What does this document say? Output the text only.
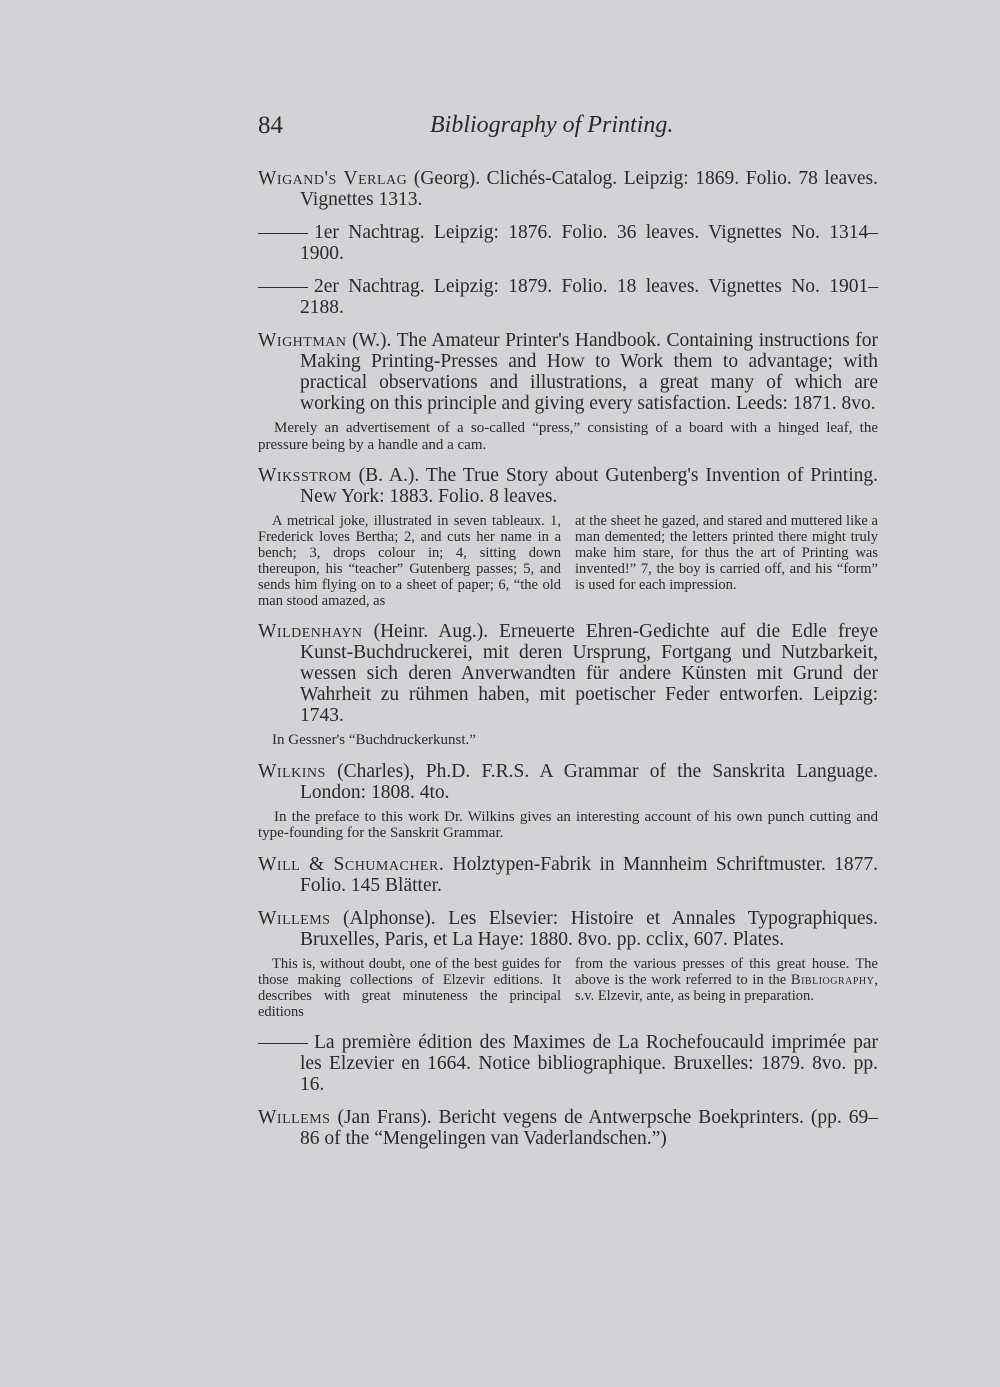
84	Bibliography of Printing.
Wigand's Verlag (Georg). Clichés-Catalog. Leipzig: 1869. Folio. 78 leaves. Vignettes 1313.
1er Nachtrag. Leipzig: 1876. Folio. 36 leaves. Vignettes No. 1314–1900.
2er Nachtrag. Leipzig: 1879. Folio. 18 leaves. Vignettes No. 1901–2188.
Wightman (W.). The Amateur Printer's Handbook. Containing instructions for Making Printing-Presses and How to Work them to advantage; with practical observations and illustrations, a great many of which are working on this principle and giving every satisfaction. Leeds: 1871. 8vo.
Merely an advertisement of a so-called “press,” consisting of a board with a hinged leaf, the pressure being by a handle and a cam.
Wiksstrom (B. A.). The True Story about Gutenberg's Invention of Printing. New York: 1883. Folio. 8 leaves.
A metrical joke, illustrated in seven tableaux. 1, Frederick loves Bertha; 2, and cuts her name in a bench; 3, drops colour in; 4, sitting down thereupon, his “teacher” Gutenberg passes; 5, and sends him flying on to a sheet of paper; 6, “the old man stood amazed, as
at the sheet he gazed, and stared and muttered like a man demented; the letters printed there might truly make him stare, for thus the art of Printing was invented!” 7, the boy is carried off, and his “form” is used for each impression.
Wildenhayn (Heinr. Aug.). Erneuerte Ehren-Gedichte auf die Edle freye Kunst-Buchdruckerei, mit deren Ursprung, Fortgang und Nutzbarkeit, wessen sich deren Anverwandten für andere Künsten mit Grund der Wahrheit zu rühmen haben, mit poetischer Feder entworfen. Leipzig: 1743.
In Gessner's “Buchdruckerkunst.”
Wilkins (Charles), Ph.D. F.R.S. A Grammar of the Sanskrita Language. London: 1808. 4to.
In the preface to this work Dr. Wilkins gives an interesting account of his own punch cutting and type-founding for the Sanskrit Grammar.
Will & Schumacher. Holztypen-Fabrik in Mannheim Schriftmuster. 1877. Folio. 145 Blätter.
Willems (Alphonse). Les Elsevier: Histoire et Annales Typographiques. Bruxelles, Paris, et La Haye: 1880. 8vo. pp. cclix, 607. Plates.
This is, without doubt, one of the best guides for those making collections of Elzevir editions. It describes with great minuteness the principal editions
from the various presses of this great house. The above is the work referred to in the Bibliography, s.v. Elzevir, ante, as being in preparation.
La première édition des Maximes de La Rochefoucauld imprimée par les Elzevier en 1664. Notice bibliographique. Bruxelles: 1879. 8vo. pp. 16.
Willems (Jan Frans). Bericht vegens de Antwerpsche Boekprinters. (pp. 69–86 of the “Mengelingen van Vaderlandschen.”)
